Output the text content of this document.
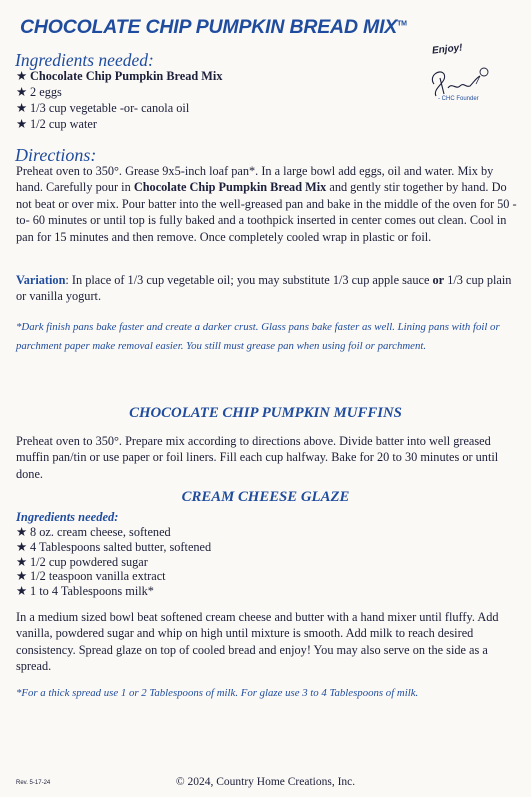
CHOCOLATE CHIP PUMPKIN BREAD MIX™
Enjoy!
- CHC Founder
Ingredients needed:
★ Chocolate Chip Pumpkin Bread Mix
★ 2 eggs
★ 1/3 cup vegetable -or- canola oil
★ 1/2 cup water
Directions:

Preheat oven to 350°. Grease 9x5-inch loaf pan*. In a large bowl add eggs, oil and water. Mix by hand. Carefully pour in Chocolate Chip Pumpkin Bread Mix and gently stir together by hand. Do not beat or over mix. Pour batter into the well-greased pan and bake in the middle of the oven for 50 -to- 60 minutes or until top is fully baked and a toothpick inserted in center comes out clean. Cool in pan for 15 minutes and then remove. Once completely cooled wrap in plastic or foil.

Variation: In place of 1/3 cup vegetable oil; you may substitute 1/3 cup apple sauce or 1/3 cup plain or vanilla yogurt.

*Dark finish pans bake faster and create a darker crust. Glass pans bake faster as well. Lining pans with foil or parchment paper make removal easier. You still must grease pan when using foil or parchment.

CHOCOLATE CHIP PUMPKIN MUFFINS

Preheat oven to 350°. Prepare mix according to directions above. Divide batter into well greased muffin pan/tin or use paper or foil liners. Fill each cup halfway. Bake for 20 to 30 minutes or until done.

CREAM CHEESE GLAZE
Ingredients needed:
★ 8 oz. cream cheese, softened
★ 4 Tablespoons salted butter, softened
★ 1/2 cup powdered sugar
★ 1/2 teaspoon vanilla extract
★ 1 to 4 Tablespoons milk*

In a medium sized bowl beat softened cream cheese and butter with a hand mixer until fluffy. Add vanilla, powdered sugar and whip on high until mixture is smooth. Add milk to reach desired consistency. Spread glaze on top of cooled bread and enjoy! You may also serve on the side as a spread.

*For a thick spread use 1 or 2 Tablespoons of milk. For glaze use 3 to 4 Tablespoons of milk.

Rev. 5-17-24	© 2024, Country Home Creations, Inc.
